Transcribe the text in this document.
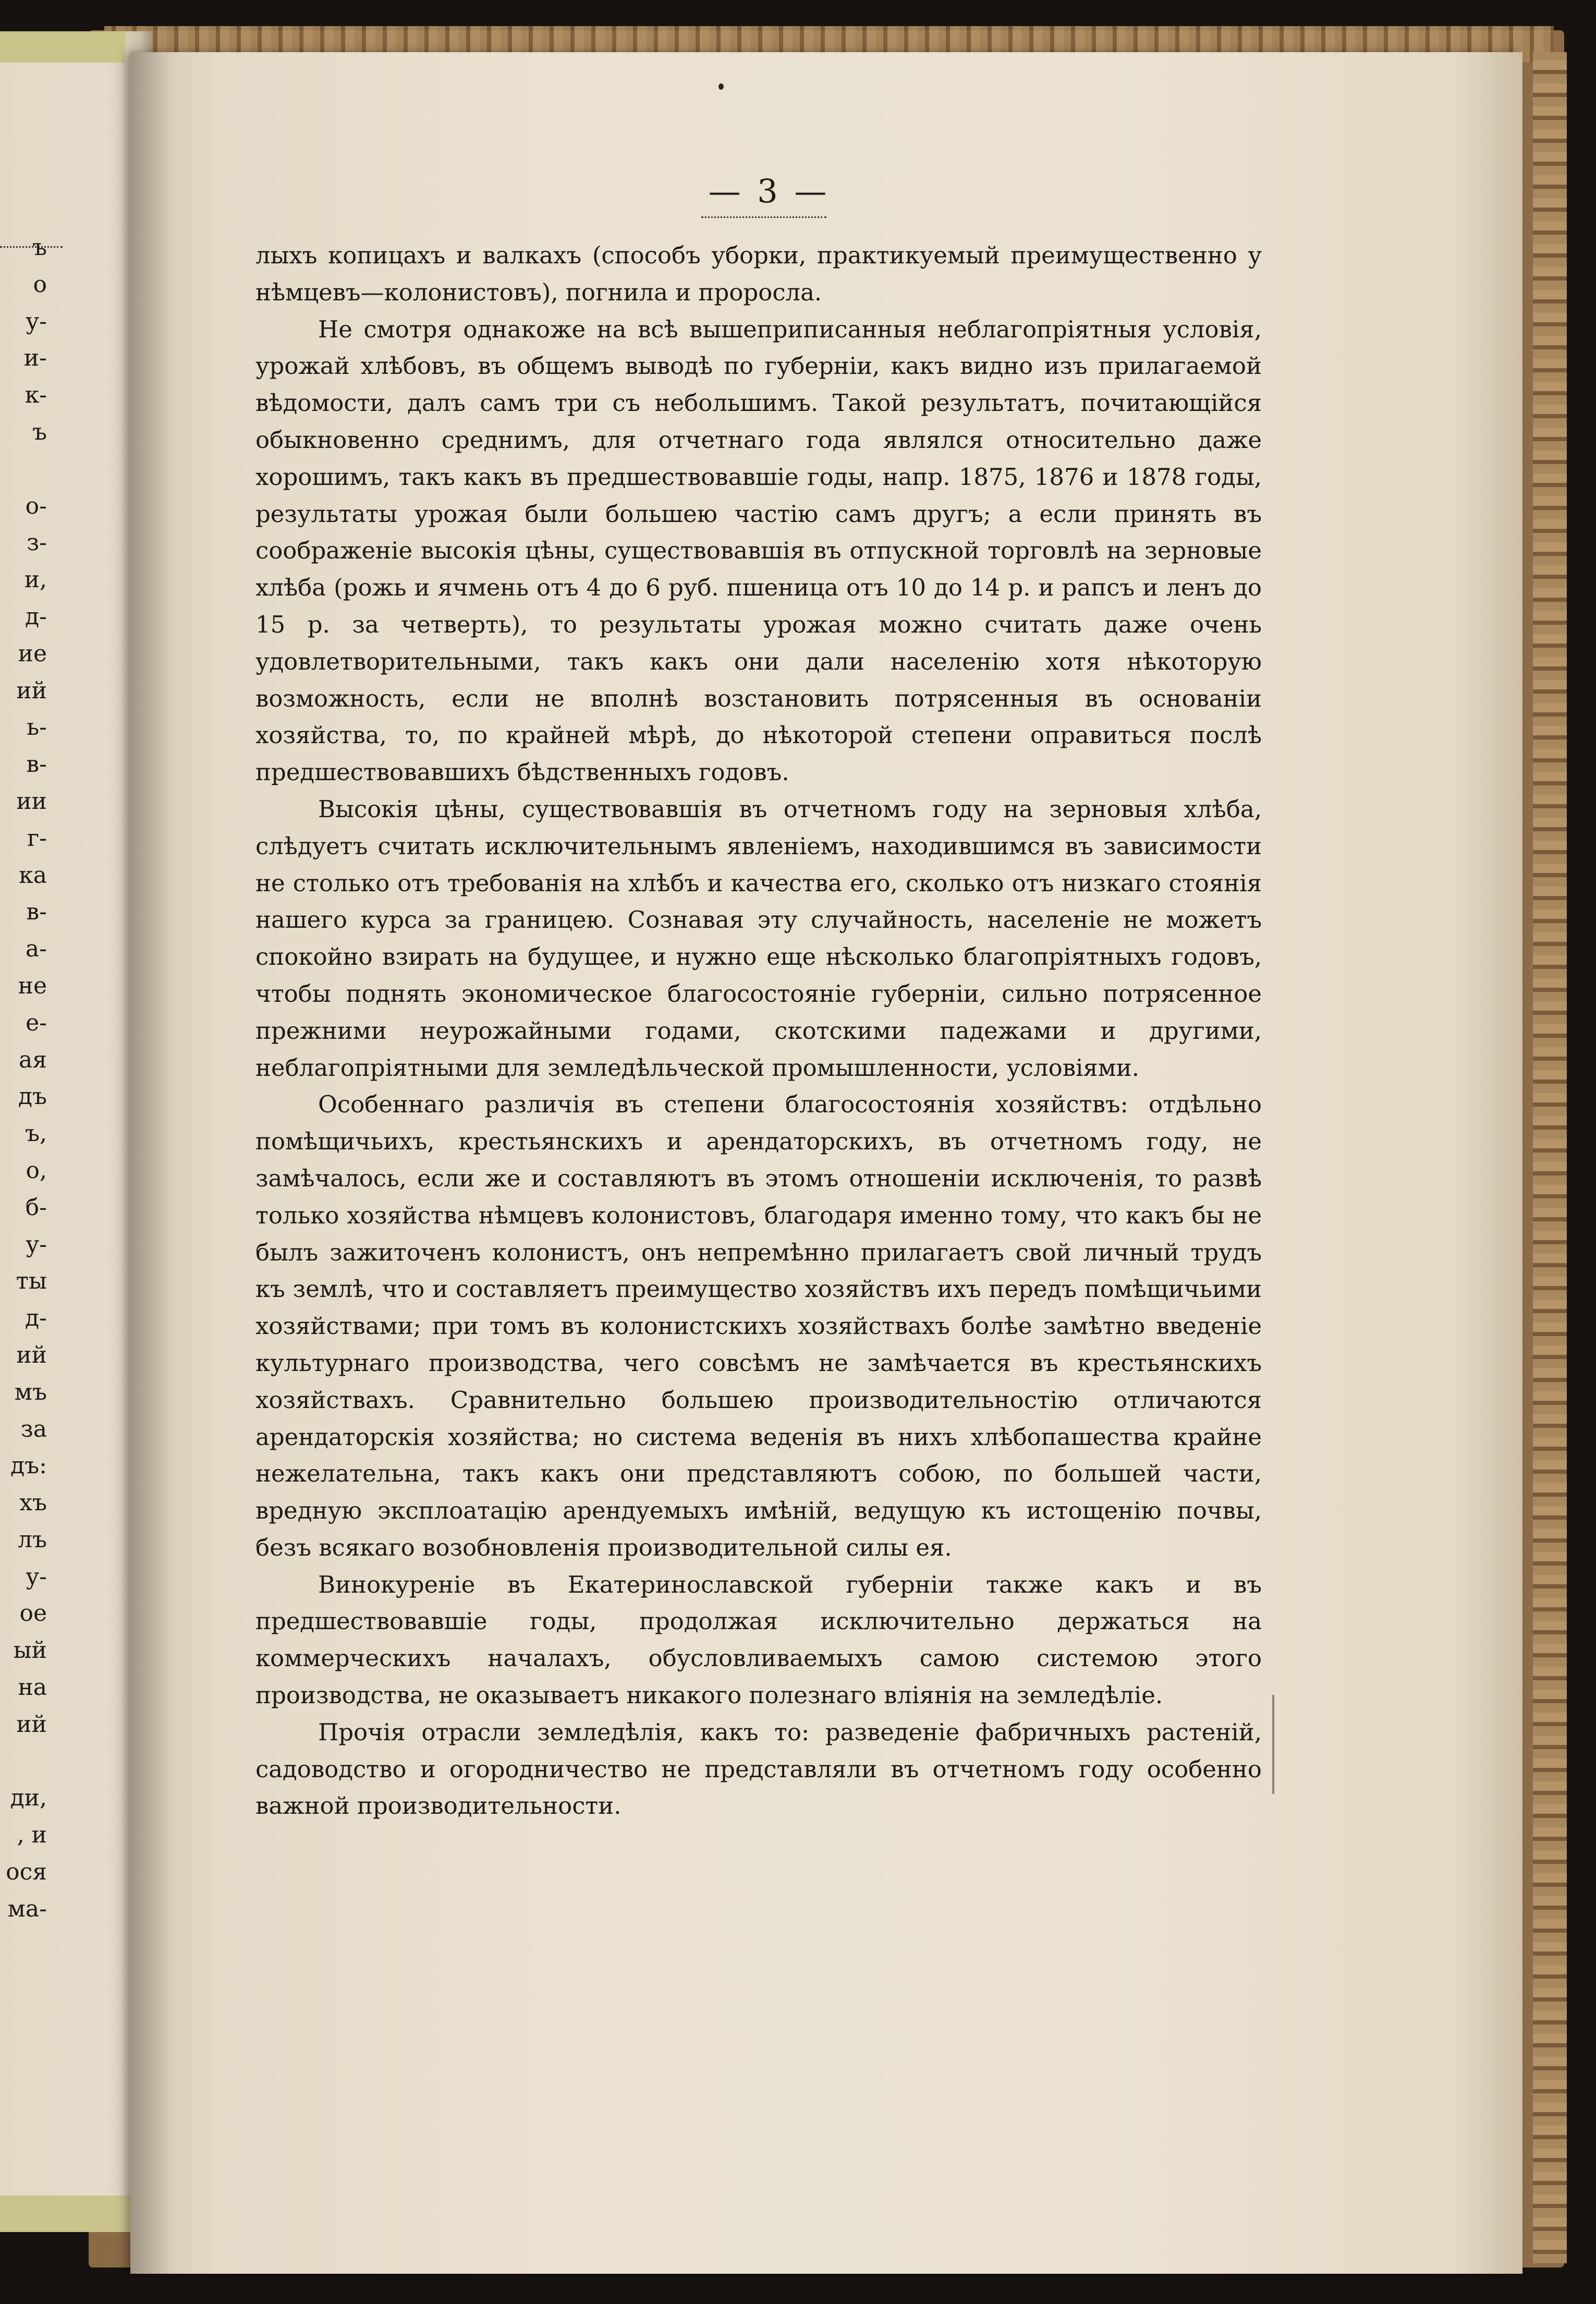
ъ
о
у-
и-
к-
ъ
о-
з-
и,
д-
ие
ий
ь-
в-
ии
г-
ка
в-
а-
не
е-
ая
дъ
ъ,
о,
б-
у-
ты
д-
ий
мъ
за
дъ:
хъ
лъ
у-
ое
ый
на
ий
ди,
, и
ося
ма-
— 3 —

лыхъ копицахъ и валкахъ (способъ уборки, практикуемый преимущественно у нѣмцевъ—колонистовъ), погнила и проросла.

Не смотря однакоже на всѣ вышеприписанныя неблагопріятныя условія, урожай хлѣбовъ, въ общемъ выводѣ по губерніи, какъ видно изъ прилагаемой вѣдомости, далъ самъ три съ небольшимъ. Такой результатъ, почитающійся обыкновенно среднимъ, для отчетнаго года являлся относительно даже хорошимъ, такъ какъ въ предшествовавшіе годы, напр. 1875, 1876 и 1878 годы, результаты урожая были большею частію самъ другъ; а если принять въ соображеніе высокія цѣны, существовавшія въ отпускной торговлѣ на зерновые хлѣба (рожь и ячмень отъ 4 до 6 руб. пшеница отъ 10 до 14 р. и рапсъ и ленъ до 15 р. за четверть), то результаты урожая можно считать даже очень удовлетворительными, такъ какъ они дали населенію хотя нѣкоторую возможность, если не вполнѣ возстановить потрясенныя въ основаніи хозяйства, то, по крайней мѣрѣ, до нѣкоторой степени оправиться послѣ предшествовавшихъ бѣдственныхъ годовъ.

Высокія цѣны, существовавшія въ отчетномъ году на зерновыя хлѣба, слѣдуетъ считать исключительнымъ явленіемъ, находившимся въ зависимости не столько отъ требованія на хлѣбъ и качества его, сколько отъ низкаго стоянія нашего курса за границею. Сознавая эту случайность, населеніе не можетъ спокойно взирать на будущее, и нужно еще нѣсколько благопріятныхъ годовъ, чтобы поднять экономическое благосостояніе губерніи, сильно потрясенное прежними неурожайными годами, скотскими падежами и другими, неблагопріятными для земледѣльческой промышленности, условіями.

Особеннаго различія въ степени благосостоянія хозяйствъ: отдѣльно помѣщичьихъ, крестьянскихъ и арендаторскихъ, въ отчетномъ году, не замѣчалось, если же и составляютъ въ этомъ отношеніи исключенія, то развѣ только хозяйства нѣмцевъ колонистовъ, благодаря именно тому, что какъ бы не былъ зажиточенъ колонистъ, онъ непремѣнно прилагаетъ свой личный трудъ къ землѣ, что и составляетъ преимущество хозяйствъ ихъ передъ помѣщичьими хозяйствами; при томъ въ колонистскихъ хозяйствахъ болѣе замѣтно введеніе культурнаго производства, чего совсѣмъ не замѣчается въ крестьянскихъ хозяйствахъ. Сравнительно большею производительностію отличаются арендаторскія хозяйства; но система веденія въ нихъ хлѣбопашества крайне нежелательна, такъ какъ они представляютъ собою, по большей части, вредную эксплоатацію арендуемыхъ имѣній, ведущую къ истощенію почвы, безъ всякаго возобновленія производительной силы ея.

Винокуреніе въ Екатеринославской губерніи также какъ и въ предшествовавшіе годы, продолжая исключительно держаться на коммерческихъ началахъ, обусловливаемыхъ самою системою этого производства, не оказываетъ никакого полезнаго вліянія на земледѣліе.

Прочія отрасли земледѣлія, какъ то: разведеніе фабричныхъ растеній, садоводство и огородничество не представляли въ отчетномъ году особенно важной производительности.
